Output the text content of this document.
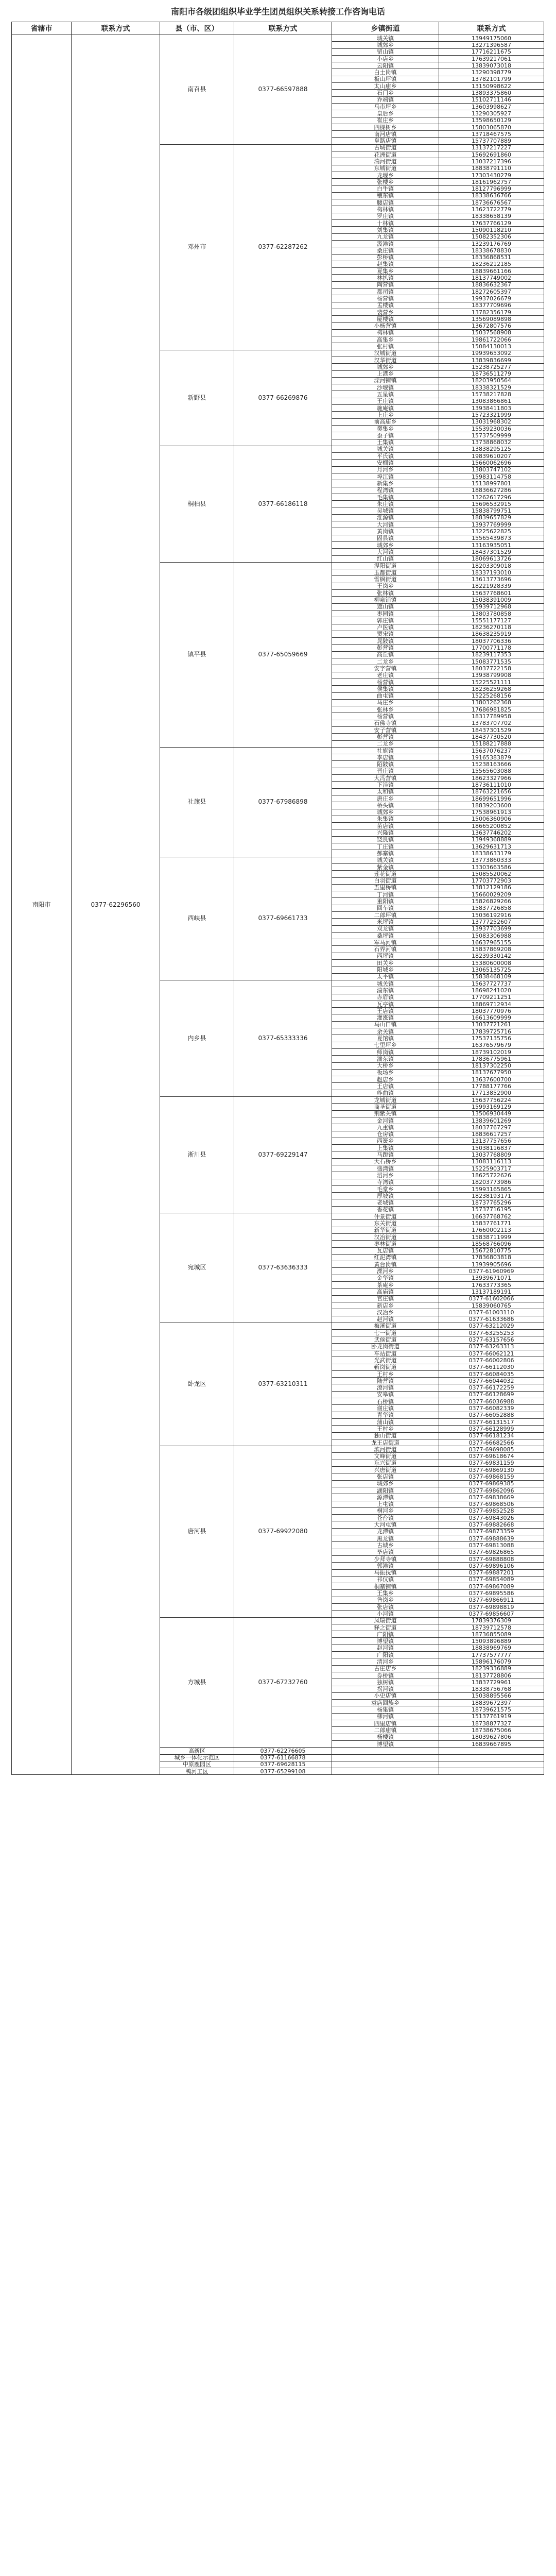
南阳市各级团组织毕业学生团员组织关系转接工作咨询电话
省辖市	联系方式	县（市、区）	联系方式	乡镇街道	联系方式
南阳市	0377-62296560	南召县	0377-66597888	城关镇	13949175060
				城郊乡	13271396587
				留山镇	17716211675
				小店乡	17639217061
				云阳镇	13839073018
				白土岗镇	13290398779
				板山坪镇	13782101799
				太山庙乡	13150998622
				石门乡	13893375860
				乔端镇	15102711146
				马市坪乡	13603998627
				皇后乡	13290305927
				崔庄乡	13598650129
				四棵树乡	15803065870
				南河店镇	13718467575
				皇路店镇	15737707889
		邓州市	0377-62287262	古城街道	13137217227
				花洲街道	15692691860
				湍河街道	13037217396
				东城街道	18838791110
				龙堰乡	17303430279
				张楼乡	18161962757
				白牛镇	18127796999
				穰东镇	18338636766
				腰店镇	18736676567
				构林镇	13623722779
				罗庄镇	18338658139
				十林镇	17637766129
				刘集镇	15090118210
				九龙镇	15082352306
				汲滩镇	13239176769
				桑庄镇	18338678830
				彭桥镇	18336868531
				赵集镇	18236212185
				夏集乡	18839661166
				林扒镇	18137749002
				陶营镇	18836632367
				都司镇	18272605397
				杨营镇	19937026679
				孟楼镇	18377709696
				裴营乡	13782356179
				厦楼镇	13569089898
				小杨营镇	13672807576
				构林镇	15037568908
				高集乡	19861722066
				张村镇	15084130013
		新野县	0377-66269876	汉城街道	19939653092
				汉华街道	13839836699
				城郊乡	15238725277
				上港乡	18736511279
				溧河铺镇	18203950564
				沙堰镇	18338321529
				五星镇	15738217828
				王庄镇	13083866861
				施庵镇	13938411803
				上庄乡	15723321999
				前高庙乡	13031968302
				樊集乡	15539230036
				歪子镇	15737509999
				王集镇	13738868032
		桐柏县	0377-66186118	城关镇	13838295125
				平氏镇	19839610207
				安棚镇	15660062696
				月河乡	13803747102
				埠江镇	15983114758
				新集乡	15138997801
				程湾镇	18836627286
				毛集镇	13262617296
				朱庄镇	15696532915
				吴城镇	15838799751
				淮源镇	18839657829
				大河镇	13937769999
				黄岗镇	13225622825
				固县镇	15565439873
				城郊乡	13163935051
				大河镇	18437301529
				红山镇	18069613726
		镇平县	0377-65059669	涅阳街道	18203309018
				玉都街道	18337193010
				雪枫街道	13613773696
				王岗乡	18221928339
				张林镇	15637768601
				柳泉铺镇	15038391009
				遮山镇	15939712968
				枣园镇	13803780858
				郭庄镇	15551177127
				卢医镇	18236270118
				贾宋镇	18638235919
				晁陂镇	18037706336
				彭营镇	17700771178
				高丘镇	18239117353
				二龙乡	15083771535
				安字营镇	18037722158
				老庄镇	13938799908
				杨营镇	15225521111
				侯集镇	18236259268
				曲屯镇	15225268156
				马庄乡	13803262368
				张林乡	17686981825
				杨营镇	18317789958
				石佛寺镇	13783707702
				安子营镇	18437301529
				彭营镇	18437730520
				二龙乡	15188217888
		社旗县	0377-67986898	社旗镇	15637076237
				李店镇	19165383879
				陌陂镇	15238163666
				晋庄镇	15565603088
				大冯营镇	18623327966
				下洼镇	18736111010
				太和镇	18763221656
				唐庄乡	18699651996
				桥头镇	18839203600
				城郊乡	17538961913
				朱集镇	15006360906
				苗店镇	18665200852
				兴隆镇	13637746202
				饶良镇	13949368889
				丁庄镇	13629631713
				郝寨镇	18338633179
		西峡县	0377-69661733	城关镇	13773860333
				紫金镇	13303663586
				莲花街道	15085520062
				白羽街道	17703772903
				五里桥镇	13812129186
				丁河镇	15660029209
				重阳镇	15826829266
				回车镇	15837726858
				二郎坪镇	15036192916
				米坪镇	13777252607
				双龙镇	13937703699
				桑坪镇	15083306988
				军马河镇	16637965155
				石界河镇	15837869208
				西坪镇	18239330142
				田关乡	15380600008
				阳城乡	13065135725
				太平镇	15838468109
		内乡县	0377-65333336	城关镇	15637727737
				湍东镇	18698241020
				赤眉镇	17709211251
				瓦亭镇	18869712934
				王店镇	18037770976
				灌涨镇	16613609999
				马山口镇	13037721261
				余关镇	17839725716
				夏馆镇	17537135756
				七里坪乡	16376579679
				师岗镇	18739102019
				湍东镇	17836775961
				大桥乡	18137302250
				板场乡	18137677950
				赵店乡	13637600700
				王店镇	17788177766
				岞曲镇	17713852900
		淅川县	0377-69229147	龙城街道	15637756224
				商圣街道	15993169129
				荆紫关镇	13506930449
				金河镇	13839601269
				九重镇	18037767297
				仓房镇	18836617257
				西簧乡	13137757656
				上集镇	15038116837
				马蹬镇	13037768809
				大石桥乡	13083116113
				盛湾镇	15225903717
				滔河乡	18625722626
				寺湾镇	18203773986
				毛堂乡	15993165865
				厚坡镇	18238193171
				老城镇	18737765296
				香花镇	15737716195
		宛城区	0377-63636333	仲景街道	16637768762
				东关街道	15837761771
				新华街道	17660002113
				汉冶街道	15838711999
				枣林街道	18568766096
				瓦店镇	15672810775
				红泥湾镇	17836803818
				黄台岗镇	13939905696
				溧河乡	0377-61960969
				金华镇	13939671071
				茶庵乡	17633773365
				高庙镇	13137189191
				官庄镇	0377-61602066
				新店乡	15839060765
				汉冶乡	0377-61003110
				赵河镇	0377-61633686
		卧龙区	0377-63210311	梅溪街道	0377-63212029
				七一街道	0377-63255253
				武侯街道	0377-63157656
				卧龙岗街道	0377-63263313
				车站街道	0377-66062121
				光武街道	0377-66002806
				靳岗街道	0377-66112030
				王村乡	0377-66084035
				陆营镇	0377-66044032
				潦河镇	0377-66172259
				安皋镇	0377-66128699
				石桥镇	0377-66036988
				谢庄镇	0377-66082339
				青华镇	0377-66052888
				蒲山镇	0377-66131517
				王村乡	0377-66128999
				独山街道	0377-66181234
				龙王店街道	0377-66682566
		唐河县	0377-69922080	滨河街道	0377-69698085
				文峰街道	0377-69618674
				东兴街道	0377-69831159
				兴唐街道	0377-69869130
				张店镇	0377-69868159
				城郊乡	0377-69869385
				湖阳镇	0377-69862096
				源潭镇	0377-69838669
				上屯镇	0377-69868506
				桐河乡	0377-69852528
				苍台镇	0377-69843026
				大河屯镇	0377-69882668
				龙潭镇	0377-69873359
				黑龙镇	0377-69888639
				古城乡	0377-69813088
				毕店镇	0377-69826865
				少拜寺镇	0377-69888808
				郭滩镇	0377-69896106
				马振抚镇	0377-69887201
				祁仪镇	0377-69854089
				桐寨铺镇	0377-69867089
				王集乡	0377-69895586
				昝岗乡	0377-69866911
				张店镇	0377-69898819
				小河镇	0377-69856607
		方城县	0377-67232760	凤瑞街道	17839376309
				释之街道	18739712578
				广阳镇	18736855089
				博望镇	15093896889
				赵河镇	18838969769
				广阳镇	17737577777
				清河乡	15896176079
				古庄店乡	18239336889
				券桥镇	18137728806
				独树镇	13837729961
				拐河镇	18338756768
				小史店镇	15038895566
				袁店回族乡	18839672397
				杨集镇	18739621575
				柳河镇	15137761919
				四里店镇	18738877327
				二郎庙镇	18738675066
				杨楼镇	18039627806
				博望镇	16839667895
		高新区	0377-62276605		
		城乡一体化示范区	0377-61166878		
		中原鹿园区	0377-69628115		
		鸭河工区	0377-65299108		
